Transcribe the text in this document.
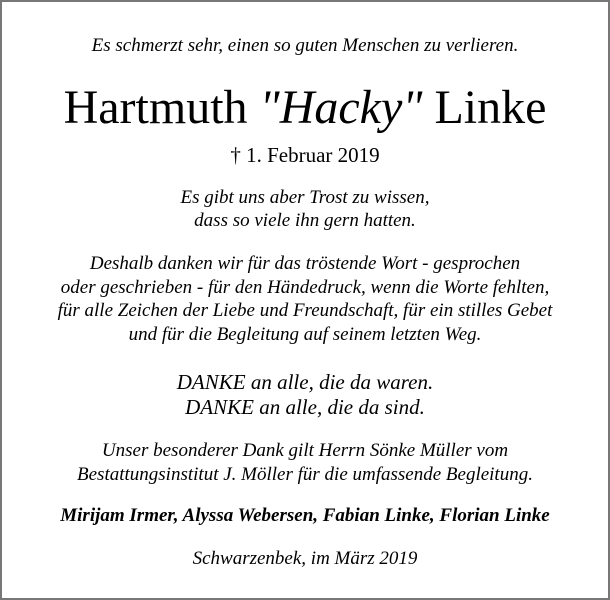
Es schmerzt sehr, einen so guten Menschen zu verlieren.

Hartmuth "Hacky" Linke

† 1. Februar 2019

Es gibt uns aber Trost zu wissen,
dass so viele ihn gern hatten.
Deshalb danken wir für das tröstende Wort - gesprochen
oder geschrieben - für den Händedruck, wenn die Worte fehlten,
für alle Zeichen der Liebe und Freundschaft, für ein stilles Gebet
und für die Begleitung auf seinem letzten Weg.
DANKE an alle, die da waren.
DANKE an alle, die da sind.
Unser besonderer Dank gilt Herrn Sönke Müller vom
Bestattungsinstitut J. Möller für die umfassende Begleitung.

Mirijam Irmer, Alyssa Webersen, Fabian Linke, Florian Linke

Schwarzenbek, im März 2019
